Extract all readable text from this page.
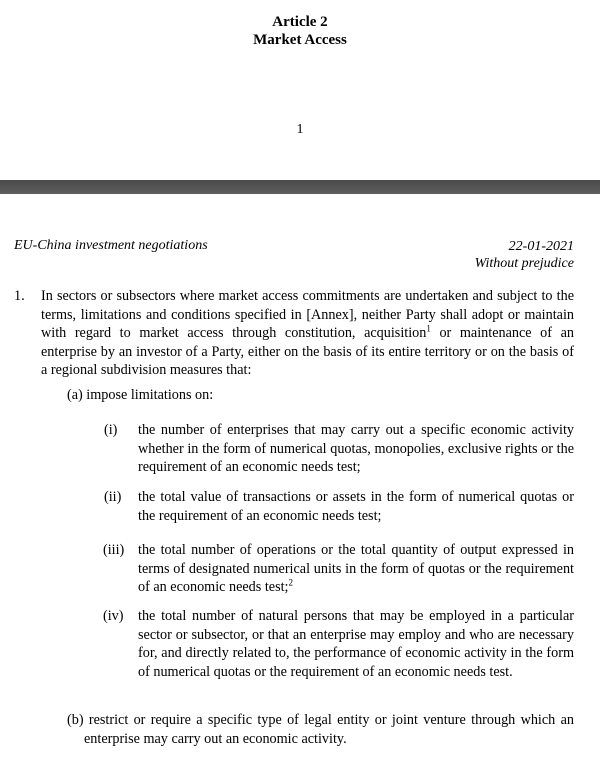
Article 2
Market Access
1
EU-China investment negotiations	22-01-2021
Without prejudice
1. In sectors or subsectors where market access commitments are undertaken and subject to the terms, limitations and conditions specified in [Annex], neither Party shall adopt or maintain with regard to market access through constitution, acquisition$^1$ or maintenance of an enterprise by an investor of a Party, either on the basis of its entire territory or on the basis of a regional subdivision measures that:
(a) impose limitations on:
(i) the number of enterprises that may carry out a specific economic activity whether in the form of numerical quotas, monopolies, exclusive rights or the requirement of an economic needs test;
(ii) the total value of transactions or assets in the form of numerical quotas or the requirement of an economic needs test;
(iii) the total number of operations or the total quantity of output expressed in terms of designated numerical units in the form of quotas or the requirement of an economic needs test;$^2$
(iv) the total number of natural persons that may be employed in a particular sector or subsector, or that an enterprise may employ and who are necessary for, and directly related to, the performance of economic activity in the form of numerical quotas or the requirement of an economic needs test.
(b) restrict or require a specific type of legal entity or joint venture through which an enterprise may carry out an economic activity.
